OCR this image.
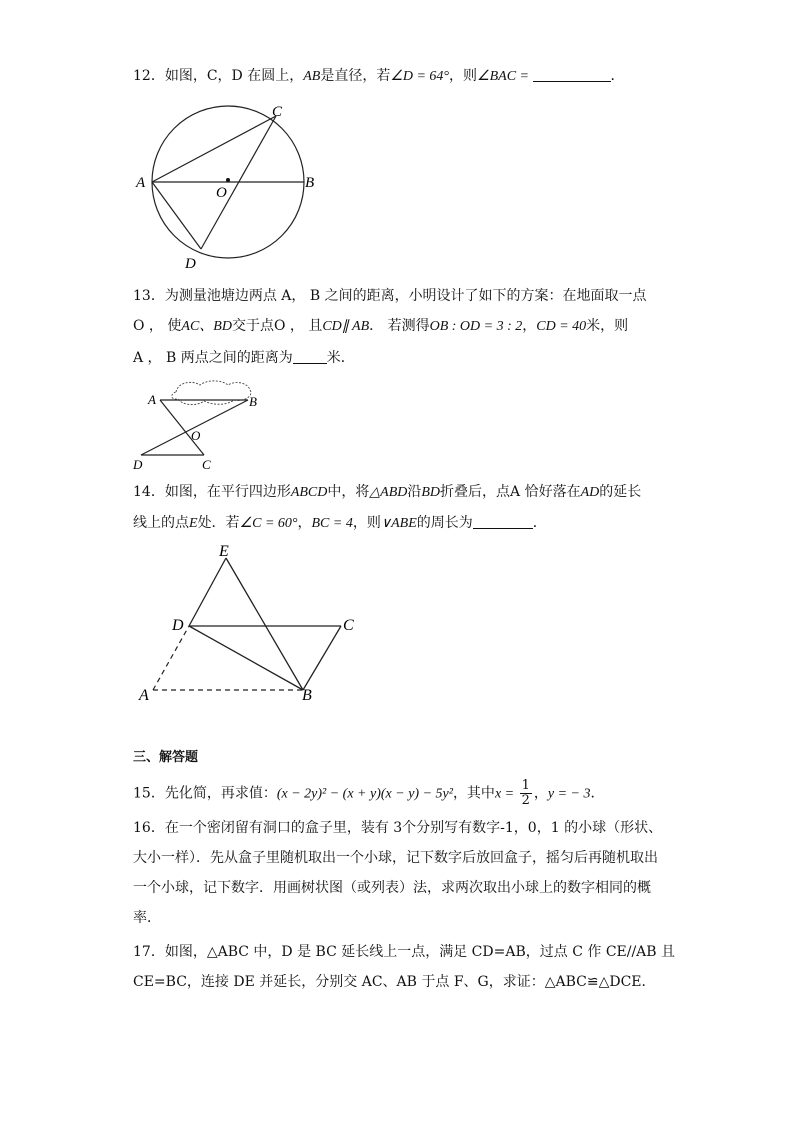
12．如图，C，D 在圆上，AB是直径，若∠D = 64°，则∠BAC =	．
C
A	B
O
D
13．为测量池塘边两点 A， B 之间的距离，小明设计了如下的方案：在地面取一点
O ， 使AC、BD交于点O ， 且CD∥ AB． 若测得OB : OD = 3 : 2，CD = 40米，则
A ， B 两点之间的距离为 米．
A	B
O
D	C
14．如图，在平行四边形ABCD中，将△ABD沿BD折叠后，点A 恰好落在AD的延长
线上的点E处．若∠C = 60°，BC = 4，则∨ABE的周长为	．
E
D	C
A	B
三、解答题
15．先化简，再求值：(x − 2y)² − (x + y)(x − y) − 5y²，其中$x = \frac{1}{2}$ ，y = − 3．
16．在一个密闭留有洞口的盒子里，装有 3个分别写有数字-1，0，1 的小球（形状、
大小一样）．先从盒子里随机取出一个小球，记下数字后放回盒子，摇匀后再随机取出
一个小球，记下数字．用画树状图（或列表）法，求两次取出小球上的数字相同的概
率．
17．如图，△ABC 中，D 是 BC 延长线上一点，满足 CD=AB，过点 C 作 CE//AB 且
CE=BC，连接 DE 并延长，分别交 AC、AB 于点 F、G，求证：△ABC≌△DCE．
